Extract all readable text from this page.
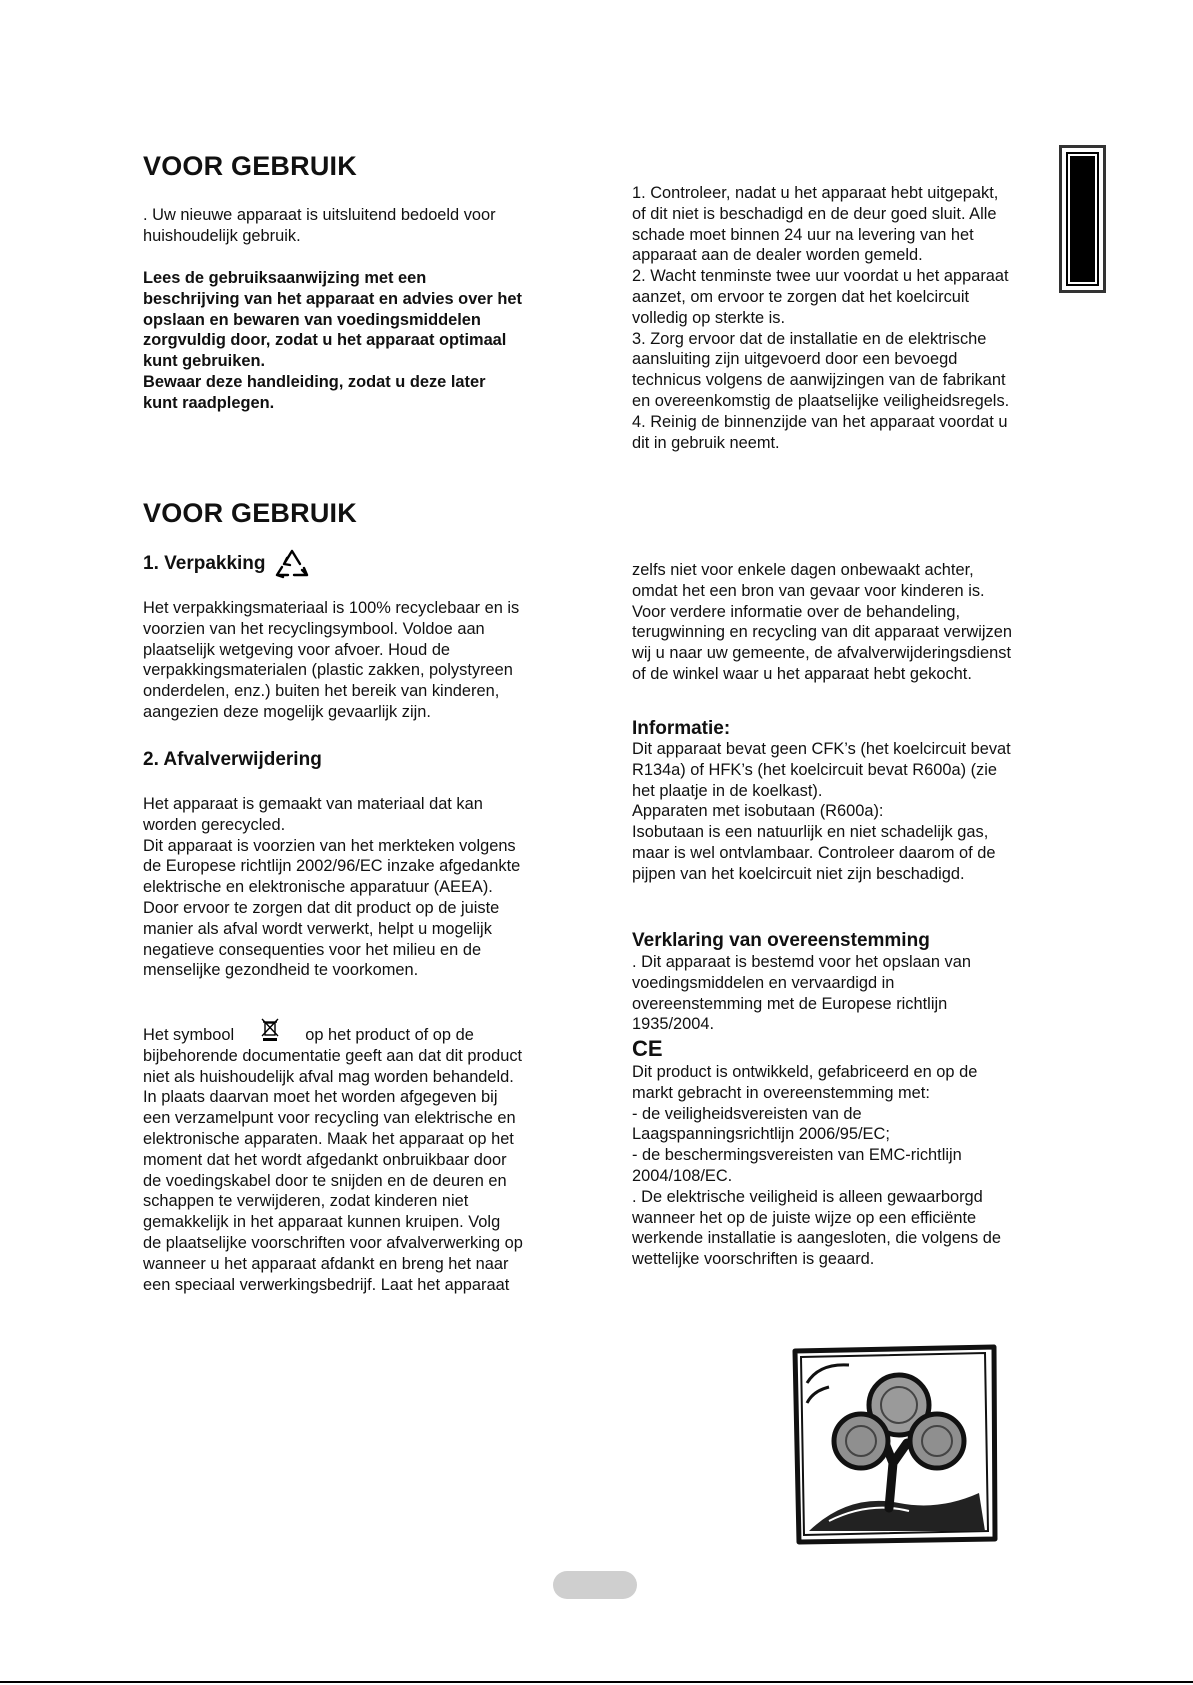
VOOR GEBRUIK

. Uw nieuwe apparaat is uitsluitend bedoeld voor huishoudelijk gebruik.

Lees de gebruiksaanwijzing met een

beschrijving van het apparaat en advies over het

opslaan en bewaren van voedingsmiddelen

zorgvuldig door, zodat u het apparaat optimaal

kunt gebruiken.

Bewaar deze handleiding, zodat u deze later

kunt raadplegen.

1. Controleer, nadat u het apparaat hebt uitgepakt,

of dit niet is beschadigd en de deur goed sluit. Alle

schade moet binnen 24 uur na levering van het

apparaat aan de dealer worden gemeld.

2. Wacht tenminste twee uur voordat u het apparaat

aanzet, om ervoor te zorgen dat het koelcircuit

volledig op sterkte is.

3. Zorg ervoor dat de installatie en de elektrische

aansluiting zijn uitgevoerd door een bevoegd

technicus volgens de aanwijzingen van de fabrikant

en overeenkomstig de plaatselijke veiligheidsregels.

4. Reinig de binnenzijde van het apparaat voordat u

dit in gebruik neemt.

VOOR GEBRUIK
1. Verpakking

Het verpakkingsmateriaal is 100% recyclebaar en is

voorzien van het recyclingsymbool. Voldoe aan

plaatselijk wetgeving voor afvoer. Houd de

verpakkingsmaterialen (plastic zakken, polystyreen

onderdelen, enz.) buiten het bereik van kinderen,

aangezien deze mogelijk gevaarlijk zijn.

2. Afvalverwijdering

Het apparaat is gemaakt van materiaal dat kan

worden gerecycled.

Dit apparaat is voorzien van het merkteken volgens

de Europese richtlijn 2002/96/EC inzake afgedankte

elektrische en elektronische apparatuur (AEEA).

Door ervoor te zorgen dat dit product op de juiste

manier als afval wordt verwerkt, helpt u mogelijk

negatieve consequenties voor het milieu en de

menselijke gezondheid te voorkomen.

Het symbool	op het product of op de

bijbehorende documentatie geeft aan dat dit product

niet als huishoudelijk afval mag worden behandeld.

In plaats daarvan moet het worden afgegeven bij

een verzamelpunt voor recycling van elektrische en

elektronische apparaten. Maak het apparaat op het

moment dat het wordt afgedankt onbruikbaar door

de voedingskabel door te snijden en de deuren en

schappen te verwijderen, zodat kinderen niet

gemakkelijk in het apparaat kunnen kruipen. Volg

de plaatselijke voorschriften voor afvalverwerking op

wanneer u het apparaat afdankt en breng het naar

een speciaal verwerkingsbedrijf. Laat het apparaat

zelfs niet voor enkele dagen onbewaakt achter,

omdat het een bron van gevaar voor kinderen is.

Voor verdere informatie over de behandeling,

terugwinning en recycling van dit apparaat verwijzen

wij u naar uw gemeente, de afvalverwijderingsdienst

of de winkel waar u het apparaat hebt gekocht.

Informatie:

Dit apparaat bevat geen CFK’s (het koelcircuit bevat

R134a) of HFK’s (het koelcircuit bevat R600a) (zie

het plaatje in de koelkast).

Apparaten met isobutaan (R600a):

Isobutaan is een natuurlijk en niet schadelijk gas,

maar is wel ontvlambaar. Controleer daarom of de

pijpen van het koelcircuit niet zijn beschadigd.

Verklaring van overeenstemming

. Dit apparaat is bestemd voor het opslaan van

voedingsmiddelen en vervaardigd in

overeenstemming met de Europese richtlijn

1935/2004.

CE

Dit product is ontwikkeld, gefabriceerd en op de

markt gebracht in overeenstemming met:

- de veiligheidsvereisten van de

Laagspanningsrichtlijn 2006/95/EC;

- de beschermingsvereisten van EMC-richtlijn

2004/108/EC.

. De elektrische veiligheid is alleen gewaarborgd

wanneer het op de juiste wijze op een efficiënte

werkende installatie is aangesloten, die volgens de

wettelijke voorschriften is geaard.
